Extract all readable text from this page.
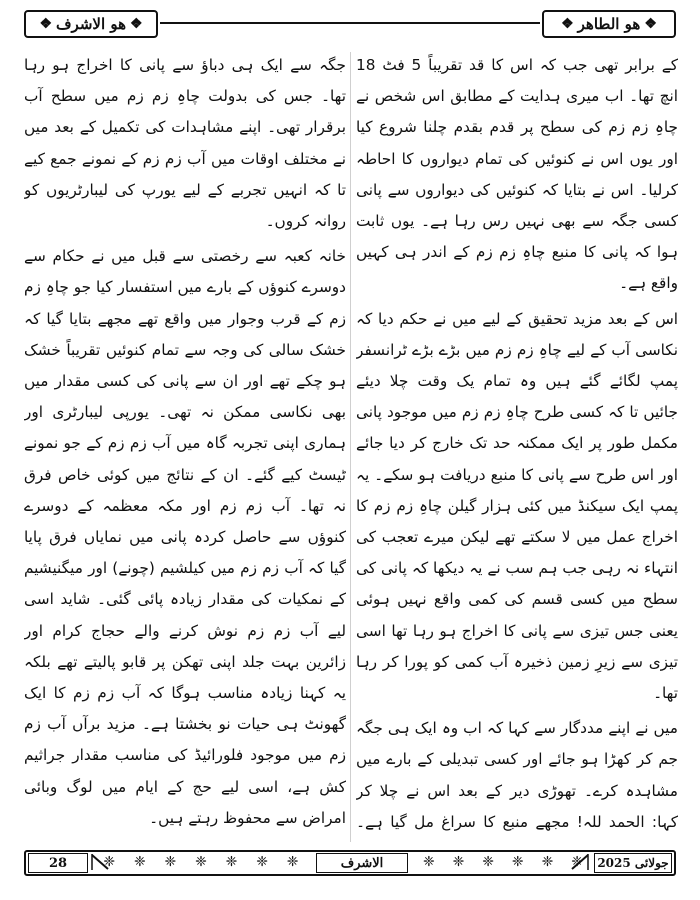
❖
ھو الطاھر
❖
❖
ھو الاشرف
❖

کے برابر تھی جب کہ اس کا قد تقریباً 5 فٹ 18 انچ تھا۔ اب میری ہدایت کے مطابق اس شخص نے چاہِ زم زم کی سطح پر قدم بقدم چلنا شروع کیا اور یوں اس نے کنوئیں کی تمام دیواروں کا احاطہ کرلیا۔ اس نے بتایا کہ کنوئیں کی دیواروں سے پانی کسی جگہ سے بھی نہیں رس رہا ہے۔ یوں ثابت ہوا کہ پانی کا منبع چاہِ زم زم کے اندر ہی کہیں واقع ہے۔

اس کے بعد مزید تحقیق کے لیے میں نے حکم دیا کہ نکاسی آب کے لیے چاہِ زم زم میں بڑے بڑے ٹرانسفر پمپ لگائے گئے ہیں وہ تمام یک وقت چلا دیئے جائیں تا کہ کسی طرح چاہِ زم زم میں موجود پانی مکمل طور پر ایک ممکنہ حد تک خارج کر دیا جائے اور اس طرح سے پانی کا منبع دریافت ہو سکے۔ یہ پمپ ایک سیکنڈ میں کئی ہزار گیلن چاہِ زم زم کا اخراج عمل میں لا سکتے تھے لیکن میرے تعجب کی انتہاء نہ رہی جب ہم سب نے یہ دیکھا کہ پانی کی سطح میں کسی قسم کی کمی واقع نہیں ہوئی یعنی جس تیزی سے پانی کا اخراج ہو رہا تھا اسی تیزی سے زیرِ زمین ذخیرہ آب کمی کو پورا کر رہا تھا۔

میں نے اپنے مددگار سے کہا کہ اب وہ ایک ہی جگہ جم کر کھڑا ہو جائے اور کسی تبدیلی کے بارے میں مشاہدہ کرے۔ تھوڑی دیر کے بعد اس نے چلا کر کہا: الحمد للہ! مجھے منبع کا سراغ مل گیا ہے۔

جگہ سے ایک ہی دباؤ سے پانی کا اخراج ہو رہا تھا۔ جس کی بدولت چاہِ زم زم میں سطح آب برقرار تھی۔ اپنے مشاہدات کی تکمیل کے بعد میں نے مختلف اوقات میں آب زم زم کے نمونے جمع کیے تا کہ انہیں تجربے کے لیے یورپ کی لیبارٹریوں کو روانہ کروں۔

خانہ کعبہ سے رخصتی سے قبل میں نے حکام سے دوسرے کنوؤں کے بارے میں استفسار کیا جو چاہِ زم زم کے قرب وجوار میں واقع تھے مجھے بتایا گیا کہ خشک سالی کی وجہ سے تمام کنوئیں تقریباً خشک ہو چکے تھے اور ان سے پانی کی کسی مقدار میں بھی نکاسی ممکن نہ تھی۔ یورپی لیبارٹری اور ہماری اپنی تجربہ گاہ میں آب زم زم کے جو نمونے ٹیسٹ کیے گئے۔ ان کے نتائج میں کوئی خاص فرق نہ تھا۔ آب زم زم اور مکہ معظمہ کے دوسرے کنوؤں سے حاصل کردہ پانی میں نمایاں فرق پایا گیا کہ آب زم زم میں کیلشیم (چونے) اور میگنیشیم کے نمکیات کی مقدار زیادہ پائی گئی۔ شاید اسی لیے آب زم زم نوش کرنے والے حجاج کرام اور زائرین بہت جلد اپنی تھکن پر قابو پالیتے تھے بلکہ یہ کہنا زیادہ مناسب ہوگا کہ آب زم زم کا ایک گھونٹ ہی حیات نو بخشتا ہے۔ مزید برآں آب زم زم میں موجود فلورائیڈ کی مناسب مقدار جراثیم کش ہے، اسی لیے حج کے ایام میں لوگ وبائی امراض سے محفوظ رہتے ہیں۔

28	❈ ❈ ❈ ❈ ❈ ❈ ❈	الاشرف	❈ ❈ ❈ ❈ ❈ ❈ جولائی 2025
